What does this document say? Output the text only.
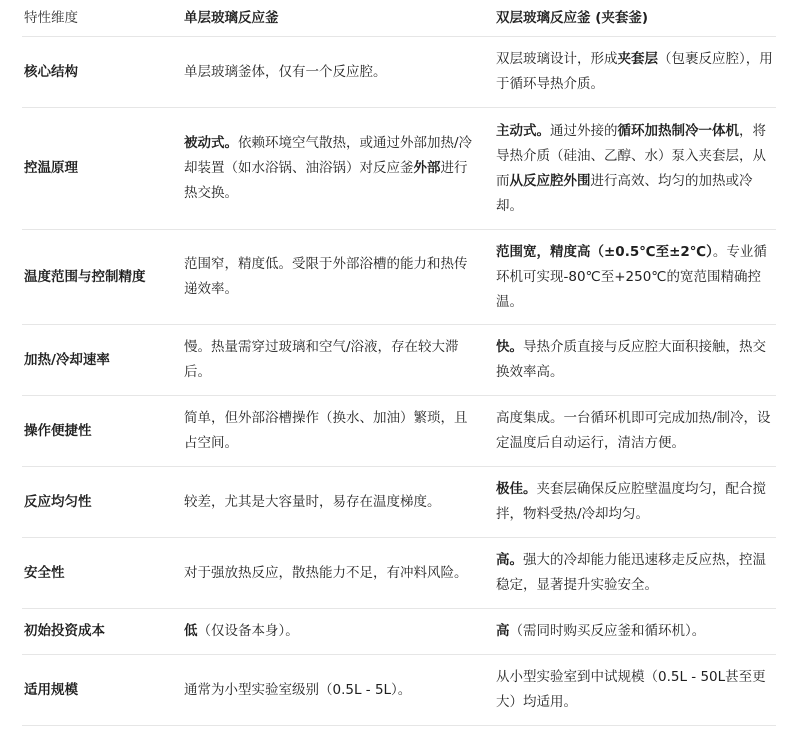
特性维度	单层玻璃反应釜	双层玻璃反应釜 (夹套釜)
核心结构	单层玻璃釜体，仅有一个反应腔。	双层玻璃设计，形成夹套层（包裹反应腔），用于循环导热介质。
控温原理	被动式。依赖环境空气散热，或通过外部加热/冷却装置（如水浴锅、油浴锅）对反应釜外部进行热交换。	主动式。通过外接的循环加热制冷一体机，将导热介质（硅油、乙醇、水）泵入夹套层，从而从反应腔外围进行高效、均匀的加热或冷却。
温度范围与控制精度	范围窄，精度低。受限于外部浴槽的能力和热传递效率。	范围宽，精度高（±0.5℃至±2℃）。专业循环机可实现-80℃至+250℃的宽范围精确控温。
加热/冷却速率	慢。热量需穿过玻璃和空气/浴液，存在较大滞后。	快。导热介质直接与反应腔大面积接触，热交换效率高。
操作便捷性	简单，但外部浴槽操作（换水、加油）繁琐，且占空间。	高度集成。一台循环机即可完成加热/制冷，设定温度后自动运行，清洁方便。
反应均匀性	较差，尤其是大容量时，易存在温度梯度。	极佳。夹套层确保反应腔壁温度均匀，配合搅拌，物料受热/冷却均匀。
安全性	对于强放热反应，散热能力不足，有冲料风险。	高。强大的冷却能力能迅速移走反应热，控温稳定，显著提升实验安全。
初始投资成本	低（仅设备本身）。	高（需同时购买反应釜和循环机）。
适用规模	通常为小型实验室级别（0.5L - 5L）。	从小型实验室到中试规模（0.5L - 50L甚至更大）均适用。
